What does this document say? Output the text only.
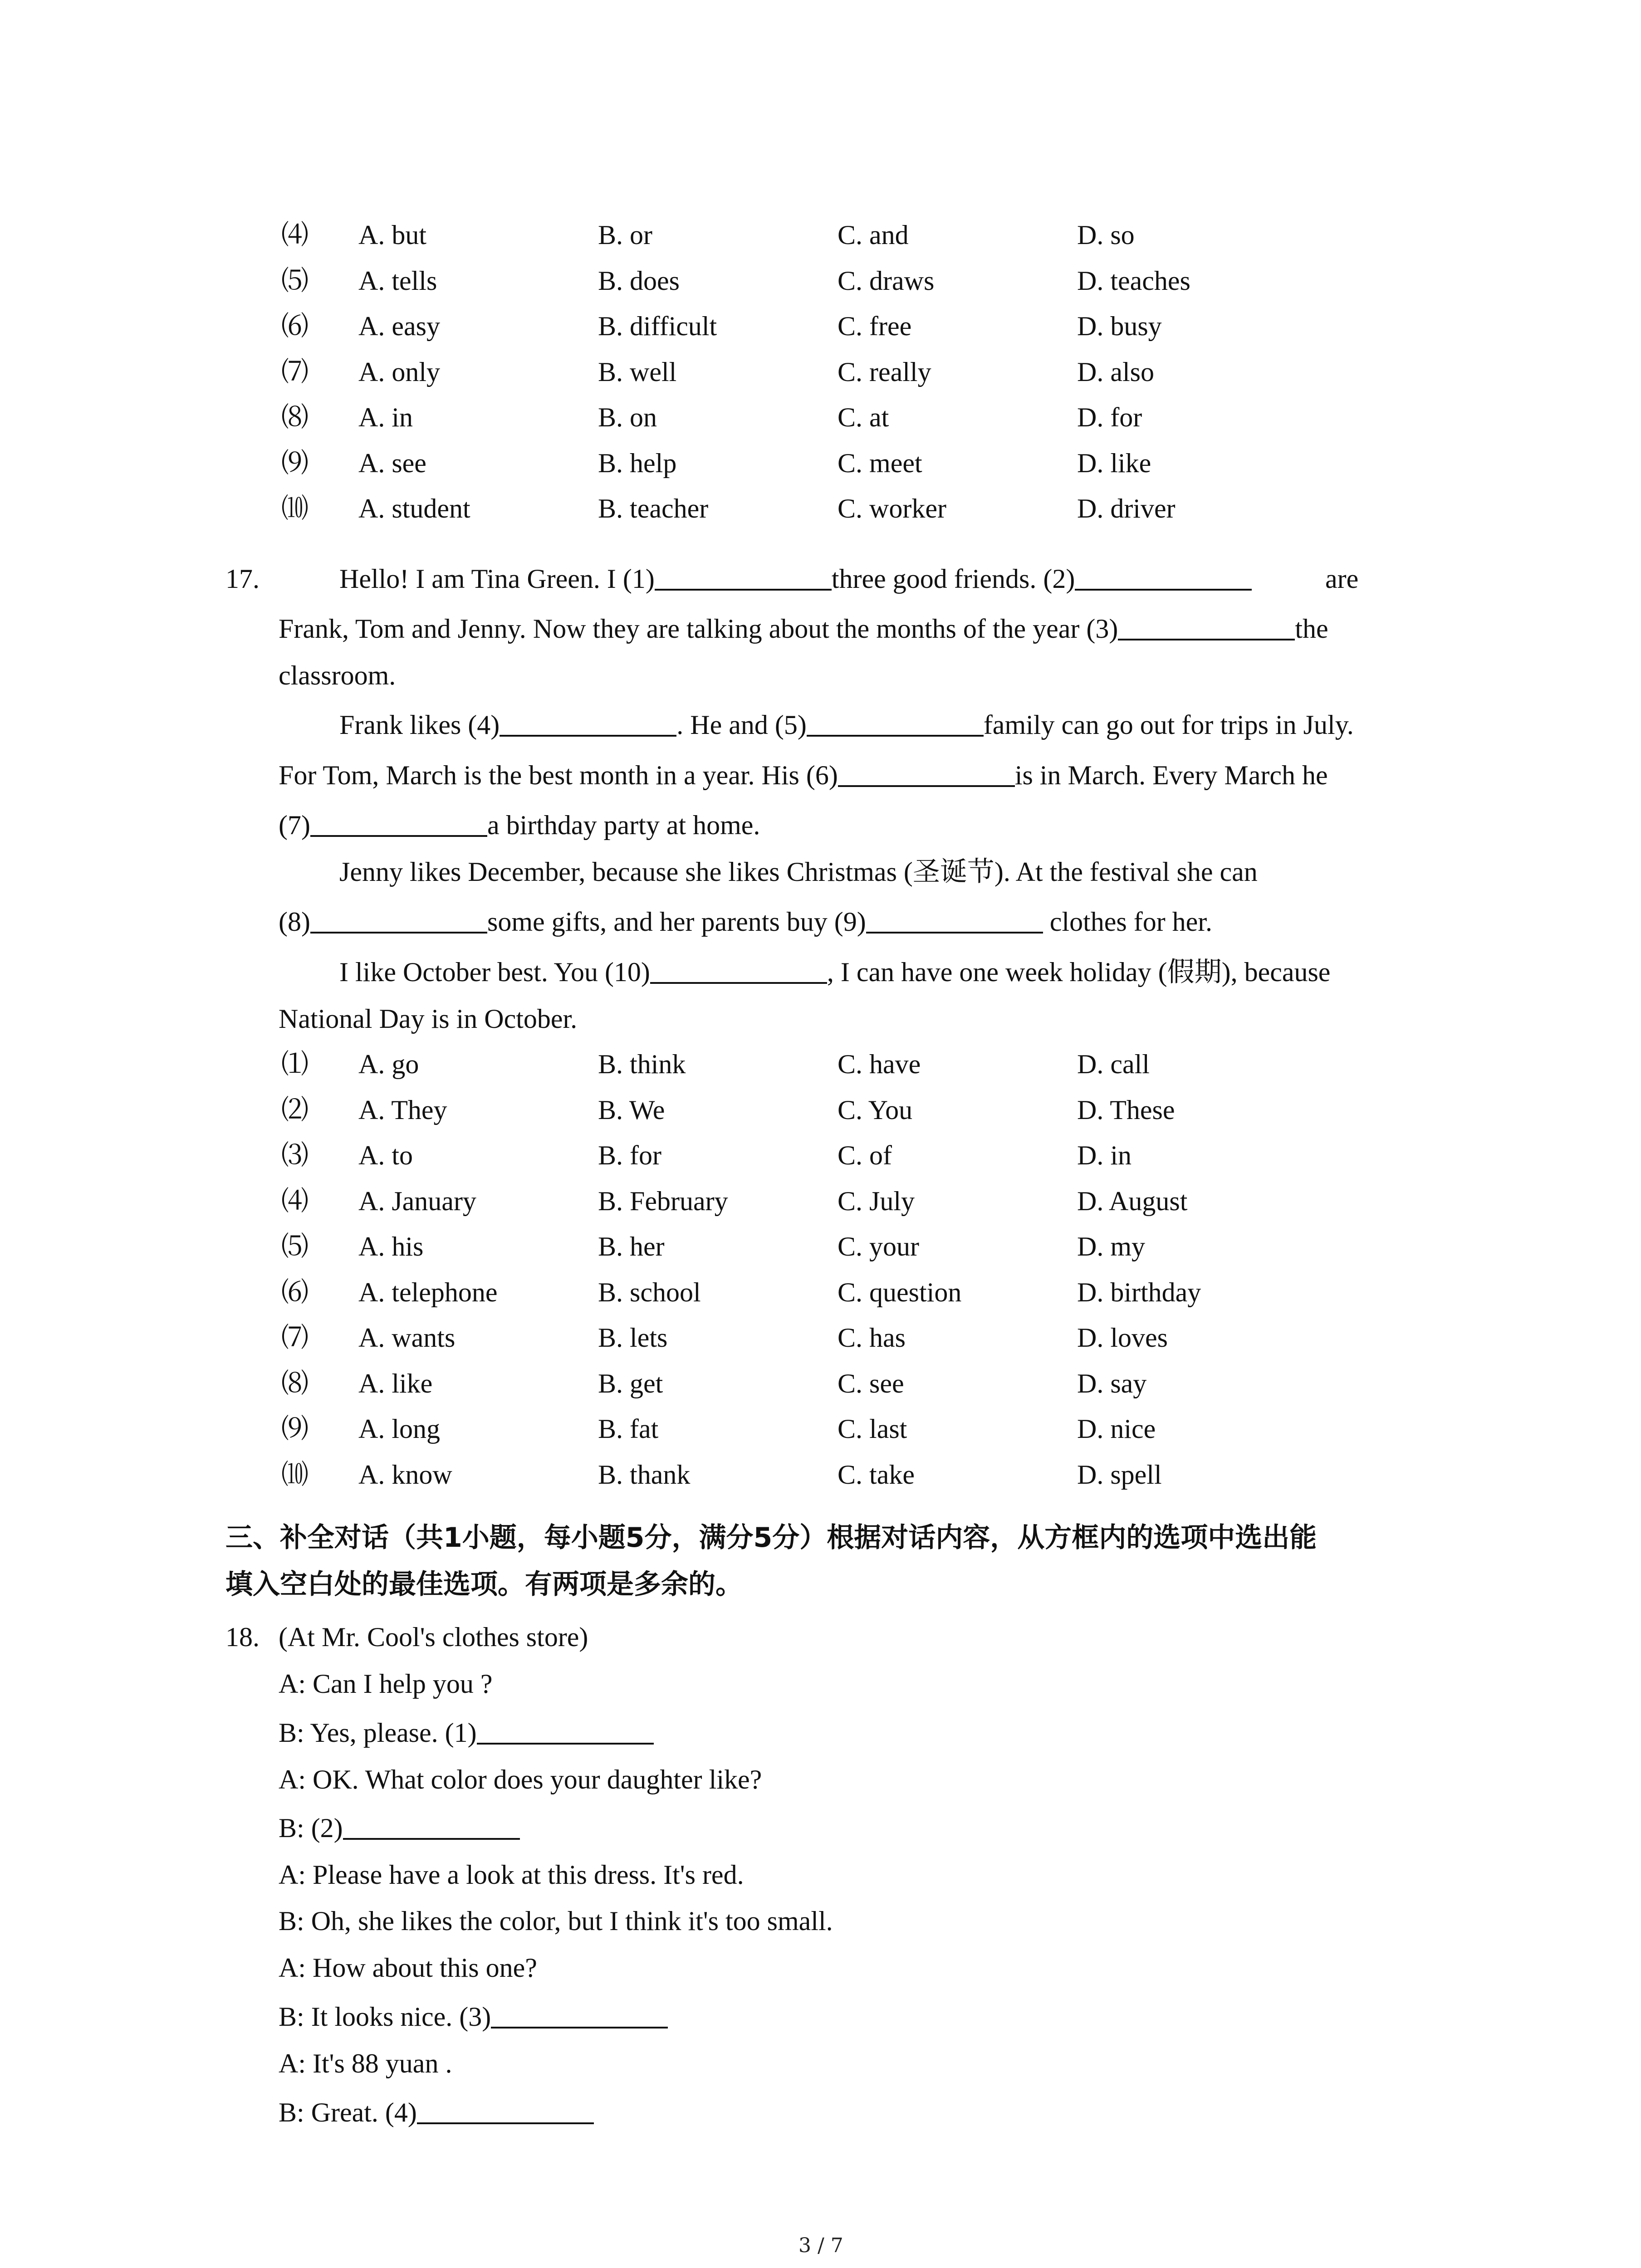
⑷ A. but	B. or	C. and	D. so
⑸ A. tells	B. does	C. draws	D. teaches
⑹ A. easy	B. difficult	C. free	D. busy
⑺ A. only	B. well	C. really	D. also
⑻ A. in	B. on	C. at	D. for
⑼ A. see	B. help	C. meet	D. like
⑽ A. student	B. teacher	C. worker	D. driver
17.	Hello! I am Tina Green. I (1)	three good friends. (2)	are
Frank, Tom and Jenny. Now they are talking about the months of the year (3)	the
classroom.
Frank likes (4)	. He and (5)	family can go out for trips in July.
For Tom, March is the best month in a year. His (6)	is in March. Every March he
(7)	a birthday party at home.
Jenny likes December, because she likes Christmas (圣诞节). At the festival she can
(8)	some gifts, and her parents buy (9)	clothes for her.
I like October best. You (10)	, I can have one week holiday (假期), because
National Day is in October.
⑴ A. go	B. think	C. have	D. call
⑵ A. They	B. We	C. You	D. These
⑶ A. to	B. for	C. of	D. in
⑷ A. January	B. February	C. July	D. August
⑸ A. his	B. her	C. your	D. my
⑹ A. telephone	B. school	C. question	D. birthday
⑺ A. wants	B. lets	C. has	D. loves
⑻ A. like	B. get	C. see	D. say
⑼ A. long	B. fat	C. last	D. nice
⑽ A. know	B. thank	C. take	D. spell
三、补全对话（共1小题，每小题5分，满分5分）根据对话内容，从方框内的选项中选出能
填入空白处的最佳选项。有两项是多余的。
18. (At Mr. Cool's clothes store)
A: Can I help you ?
B: Yes, please. (1)
A: OK. What color does your daughter like?
B: (2)
A: Please have a look at this dress. It's red.
B: Oh, she likes the color, but I think it's too small.
A: How about this one?
B: It looks nice. (3)
A: It's 88 yuan .
B: Great. (4)
3 / 7
